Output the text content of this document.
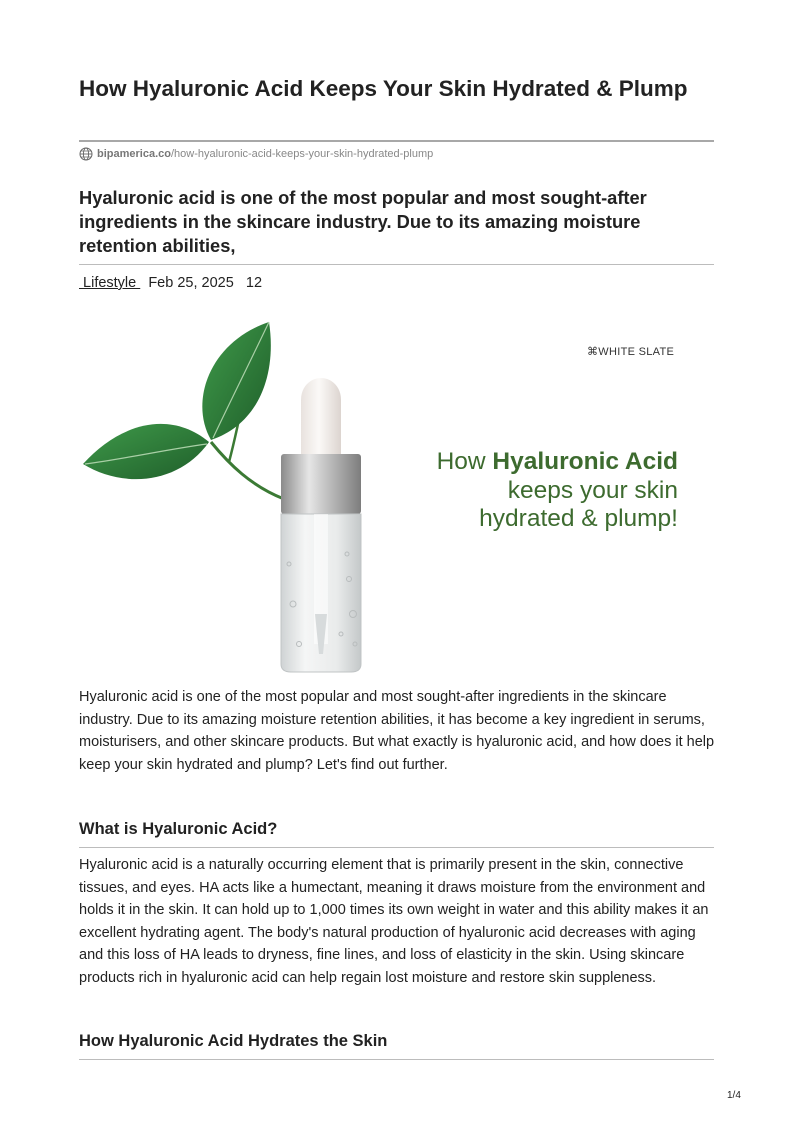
How Hyaluronic Acid Keeps Your Skin Hydrated & Plump
bipamerica.co /how-hyaluronic-acid-keeps-your-skin-hydrated-plump
Hyaluronic acid is one of the most popular and most sought-after ingredients in the skincare industry. Due to its amazing moisture retention abilities,
Lifestyle   Feb 25, 2025 12
⌘WHITE SLATE
How Hyaluronic Acid
keeps your skin
hydrated & plump!

Hyaluronic acid is one of the most popular and most sought-after ingredients in the skincare industry. Due to its amazing moisture retention abilities, it has become a key ingredient in serums, moisturisers, and other skincare products. But what exactly is hyaluronic acid, and how does it help keep your skin hydrated and plump? Let's find out further.

What is Hyaluronic Acid?

Hyaluronic acid is a naturally occurring element that is primarily present in the skin, connective tissues, and eyes. HA acts like a humectant, meaning it draws moisture from the environment and holds it in the skin. It can hold up to 1,000 times its own weight in water and this ability makes it an excellent hydrating agent. The body's natural production of hyaluronic acid decreases with aging and this loss of HA leads to dryness, fine lines, and loss of elasticity in the skin. Using skincare products rich in hyaluronic acid can help regain lost moisture and restore skin suppleness.

How Hyaluronic Acid Hydrates the Skin
1/4
